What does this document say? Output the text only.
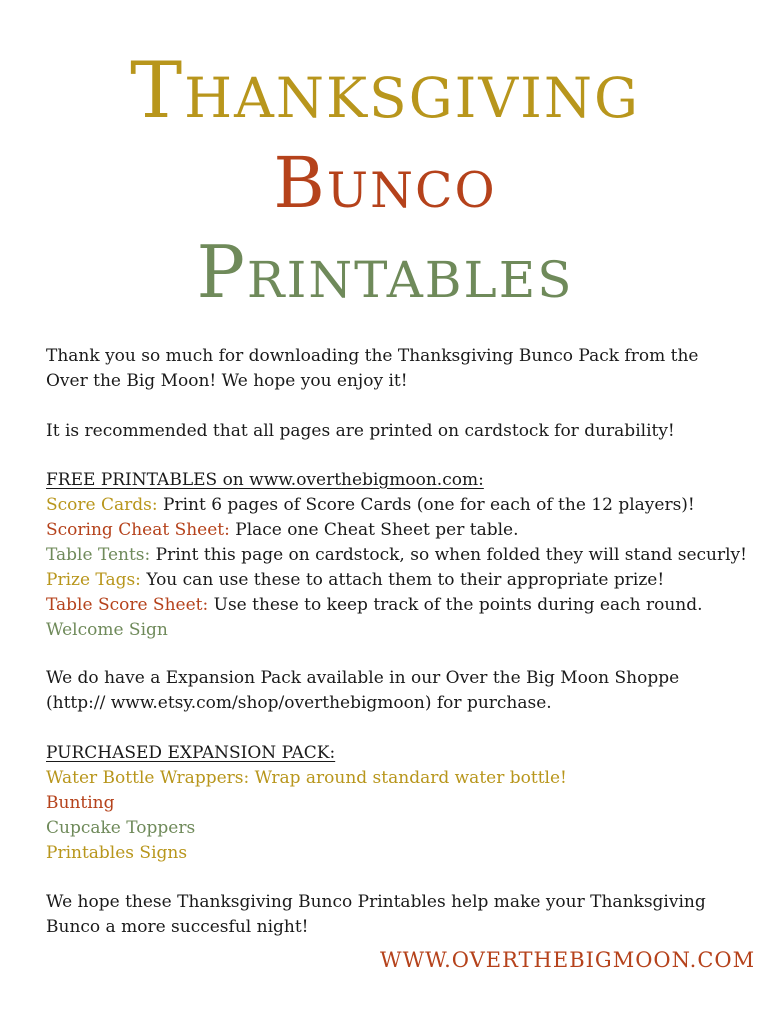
Thanksgiving
Bunco
Printables
Thank you so much for downloading the Thanksgiving Bunco Pack from the Over the Big Moon! We hope you enjoy it!
It is recommended that all pages are printed on cardstock for durability!
FREE PRINTABLES on www.overthebigmoon.com:
Score Cards: Print 6 pages of Score Cards (one for each of the 12 players)!
Scoring Cheat Sheet: Place one Cheat Sheet per table.
Table Tents: Print this page on cardstock, so when folded they will stand securly!
Prize Tags: You can use these to attach them to their appropriate prize!
Table Score Sheet: Use these to keep track of the points during each round.
Welcome Sign
We do have a Expansion Pack available in our Over the Big Moon Shoppe (http:// www.etsy.com/shop/overthebigmoon) for purchase.
PURCHASED EXPANSION PACK:
Water Bottle Wrappers: Wrap around standard water bottle!
Bunting
Cupcake Toppers
Printables Signs
We hope these Thanksgiving Bunco Printables help make your Thanksgiving Bunco a more succesful night!
WWW.OVERTHEBIGMOON.COM
